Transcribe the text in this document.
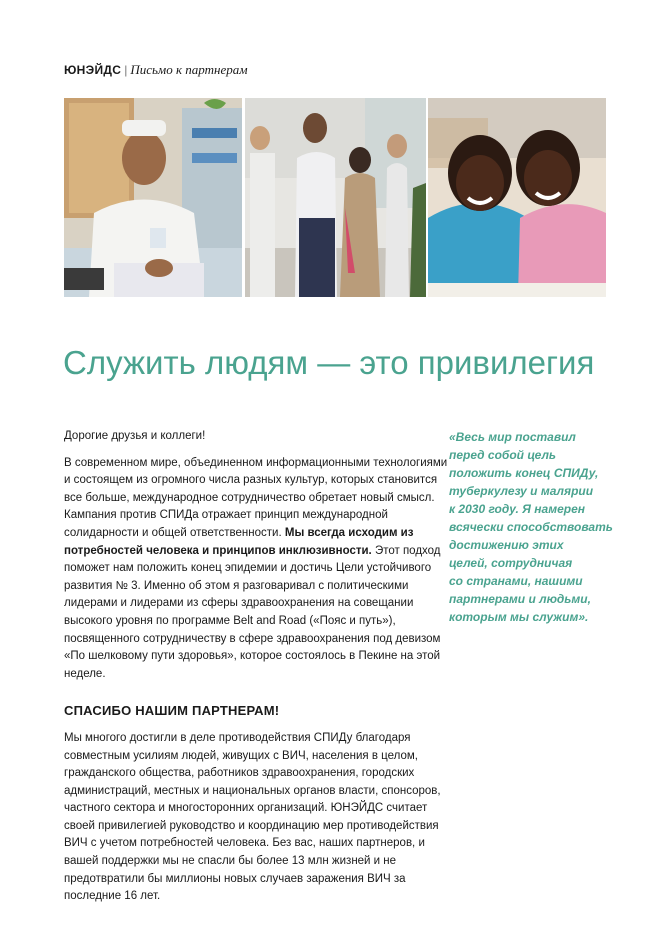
ЮНЭЙДС | Письмо к партнерам
Служить людям — это привилегия

Дорогие друзья и коллеги!

В современном мире, объединенном информационными технологиями и состоящем из огромного числа разных культур, которых становится все больше, международное сотрудничество обретает новый смысл. Кампания против СПИДа отражает принцип международной солидарности и общей ответственности. Мы всегда исходим из потребностей человека и принципов инклюзивности. Этот подход поможет нам положить конец эпидемии и достичь Цели устойчивого развития № 3. Именно об этом я разговаривал с политическими лидерами и лидерами из сферы здравоохранения на совещании высокого уровня по программе Belt and Road («Пояс и путь»), посвященного сотрудничеству в сфере здравоохранения под девизом «По шелковому пути здоровья», которое состоялось в Пекине на этой неделе.

СПАСИБО НАШИМ ПАРТНЕРАМ!

Мы многого достигли в деле противодействия СПИДу благодаря совместным усилиям людей, живущих с ВИЧ, населения в целом, гражданского общества, работников здравоохранения, городских администраций, местных и национальных органов власти, спонсоров, частного сектора и многосторонних организаций. ЮНЭЙДС считает своей привилегией руководство и координацию мер противодействия ВИЧ с учетом потребностей человека. Без вас, наших партнеров, и вашей поддержки мы не спасли бы более 13 млн жизней и не предотвратили бы миллионы новых случаев заражения ВИЧ за последние 16 лет.

«Весь мир поставил
перед собой цель
положить конец СПИДу,
туберкулезу и малярии
к 2030 году. Я намерен
всячески способствовать
достижению этих
целей, сотрудничая
со странами, нашими
партнерами и людьми,
которым мы служим».
